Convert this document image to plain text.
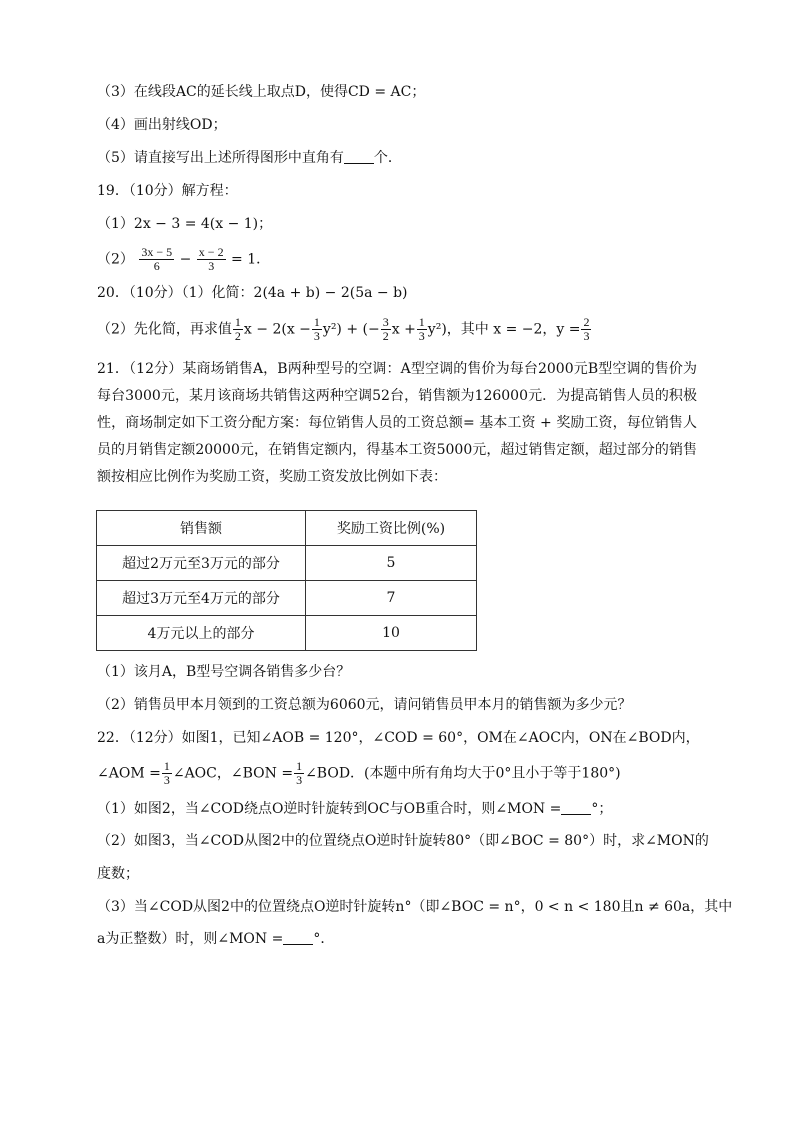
（3）在线段AC的延长线上取点D，使得CD = AC；
（4）画出射线OD；
（5）请直接写出上述所得图形中直角有 个．
19．（10分）解方程：
（1）2x − 3 = 4(x − 1)；
$(2) \frac{3x - 5}{6} - \frac{x - 2}{3} = 1$．
20．（10分）（1）化简：2(4a + b) − 2(5a − b)
（2）先化简，再求值 $\frac{1}{2}$ $x - 2(x - \frac{1}{3} y^2)$ + (− $\frac{3}{2}$ $x + \frac{1}{3} y^2$)，其中 x = −2，$y = \frac{2}{3}$
21．（12分）某商场销售A，B两种型号的空调：A型空调的售价为每台2000元B型空调的售价为每台3000元，某月该商场共销售这两种空调52台，销售额为126000元．为提高销售人员的积极性，商场制定如下工资分配方案：每位销售人员的工资总额= 基本工资 + 奖励工资，每位销售人员的月销售定额20000元，在销售定额内，得基本工资5000元，超过销售定额，超过部分的销售额按相应比例作为奖励工资，奖励工资发放比例如下表：
销售额	奖励工资比例(%)
超过2万元至3万元的部分	5
超过3万元至4万元的部分	7
4万元以上的部分	10
（1）该月A，B型号空调各销售多少台？
（2）销售员甲本月领到的工资总额为6060元，请问销售员甲本月的销售额为多少元？
22．（12分）如图1，已知∠AOB = 120°，∠COD = 60°，OM在∠AOC内，ON在∠BOD内，
∠AOM = $\frac{1}{3}$ ∠AOC，∠BON = $\frac{1}{3}$ ∠BOD．(本题中所有角均大于0°且小于等于180°)
（1）如图2，当∠COD绕点O逆时针旋转到OC与OB重合时，则∠MON = °；
（2）如图3，当∠COD从图2中的位置绕点O逆时针旋转80°（即∠BOC = 80°）时，求∠MON的
度数；
（3）当∠COD从图2中的位置绕点O逆时针旋转n°（即∠BOC = n°，0 < n < 180且n ≠ 60a，其中
a为正整数）时，则∠MON = °．
